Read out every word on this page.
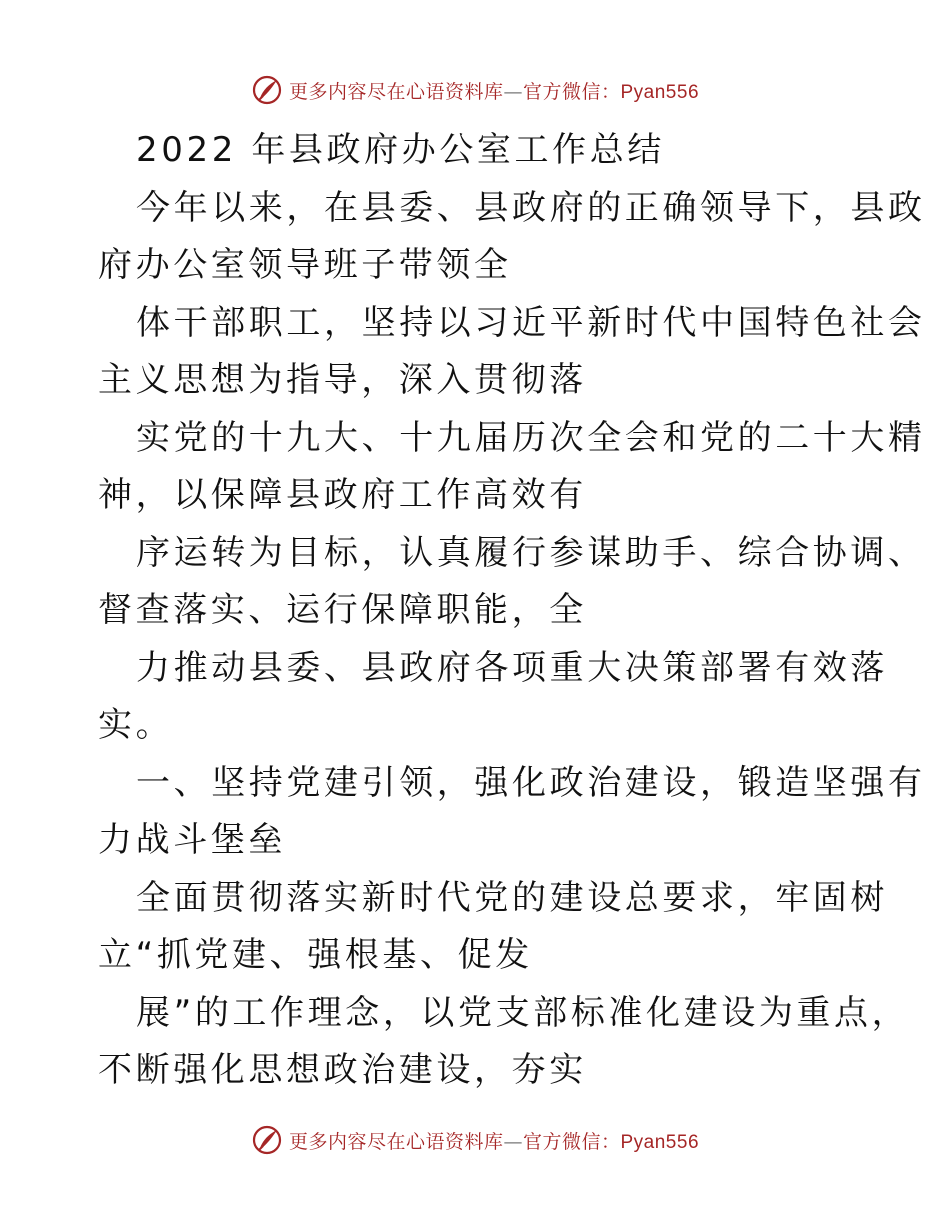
更多内容尽在心语资料库—官方微信：Pyan556
2022 年县政府办公室工作总结
今年以来，在县委、县政府的正确领导下，县政
府办公室领导班子带领全
体干部职工，坚持以习近平新时代中国特色社会
主义思想为指导，深入贯彻落
实党的十九大、十九届历次全会和党的二十大精
神，以保障县政府工作高效有
序运转为目标，认真履行参谋助手、综合协调、
督查落实、运行保障职能，全
力推动县委、县政府各项重大决策部署有效落
实。
一、坚持党建引领，强化政治建设，锻造坚强有
力战斗堡垒
全面贯彻落实新时代党的建设总要求，牢固树
立“抓党建、强根基、促发
展”的工作理念，以党支部标准化建设为重点，
不断强化思想政治建设，夯实
更多内容尽在心语资料库—官方微信：Pyan556
